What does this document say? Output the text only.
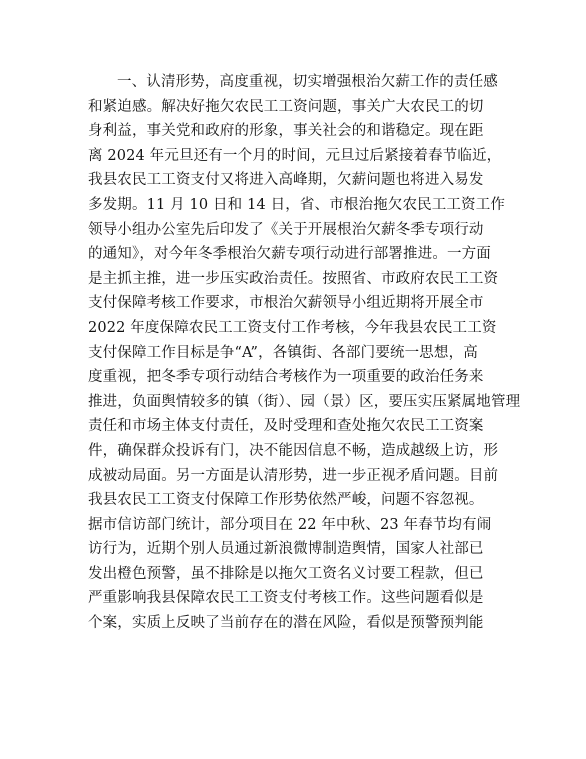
一、认清形势，高度重视，切实增强根治欠薪工作的责任感
和紧迫感。解决好拖欠农民工工资问题，事关广大农民工的切
身利益，事关党和政府的形象，事关社会的和谐稳定。现在距
离 2024 年元旦还有一个月的时间，元旦过后紧接着春节临近，
我县农民工工资支付又将进入高峰期，欠薪问题也将进入易发
多发期。11 月 10 日和 14 日，省、市根治拖欠农民工工资工作
领导小组办公室先后印发了《关于开展根治欠薪冬季专项行动
的通知》，对今年冬季根治欠薪专项行动进行部署推进。一方面
是主抓主推，进一步压实政治责任。按照省、市政府农民工工资
支付保障考核工作要求，市根治欠薪领导小组近期将开展全市
2022 年度保障农民工工资支付工作考核，今年我县农民工工资
支付保障工作目标是争“A”，各镇街、各部门要统一思想，高
度重视，把冬季专项行动结合考核作为一项重要的政治任务来
推进，负面舆情较多的镇（街）、园（景）区，要压实压紧属地管理
责任和市场主体支付责任，及时受理和查处拖欠农民工工资案
件，确保群众投诉有门，决不能因信息不畅，造成越级上访，形
成被动局面。另一方面是认清形势，进一步正视矛盾问题。目前
我县农民工工资支付保障工作形势依然严峻，问题不容忽视。
据市信访部门统计，部分项目在 22 年中秋、23 年春节均有闹
访行为，近期个别人员通过新浪微博制造舆情，国家人社部已
发出橙色预警，虽不排除是以拖欠工资名义讨要工程款，但已
严重影响我县保障农民工工资支付考核工作。这些问题看似是
个案，实质上反映了当前存在的潜在风险，看似是预警预判能
